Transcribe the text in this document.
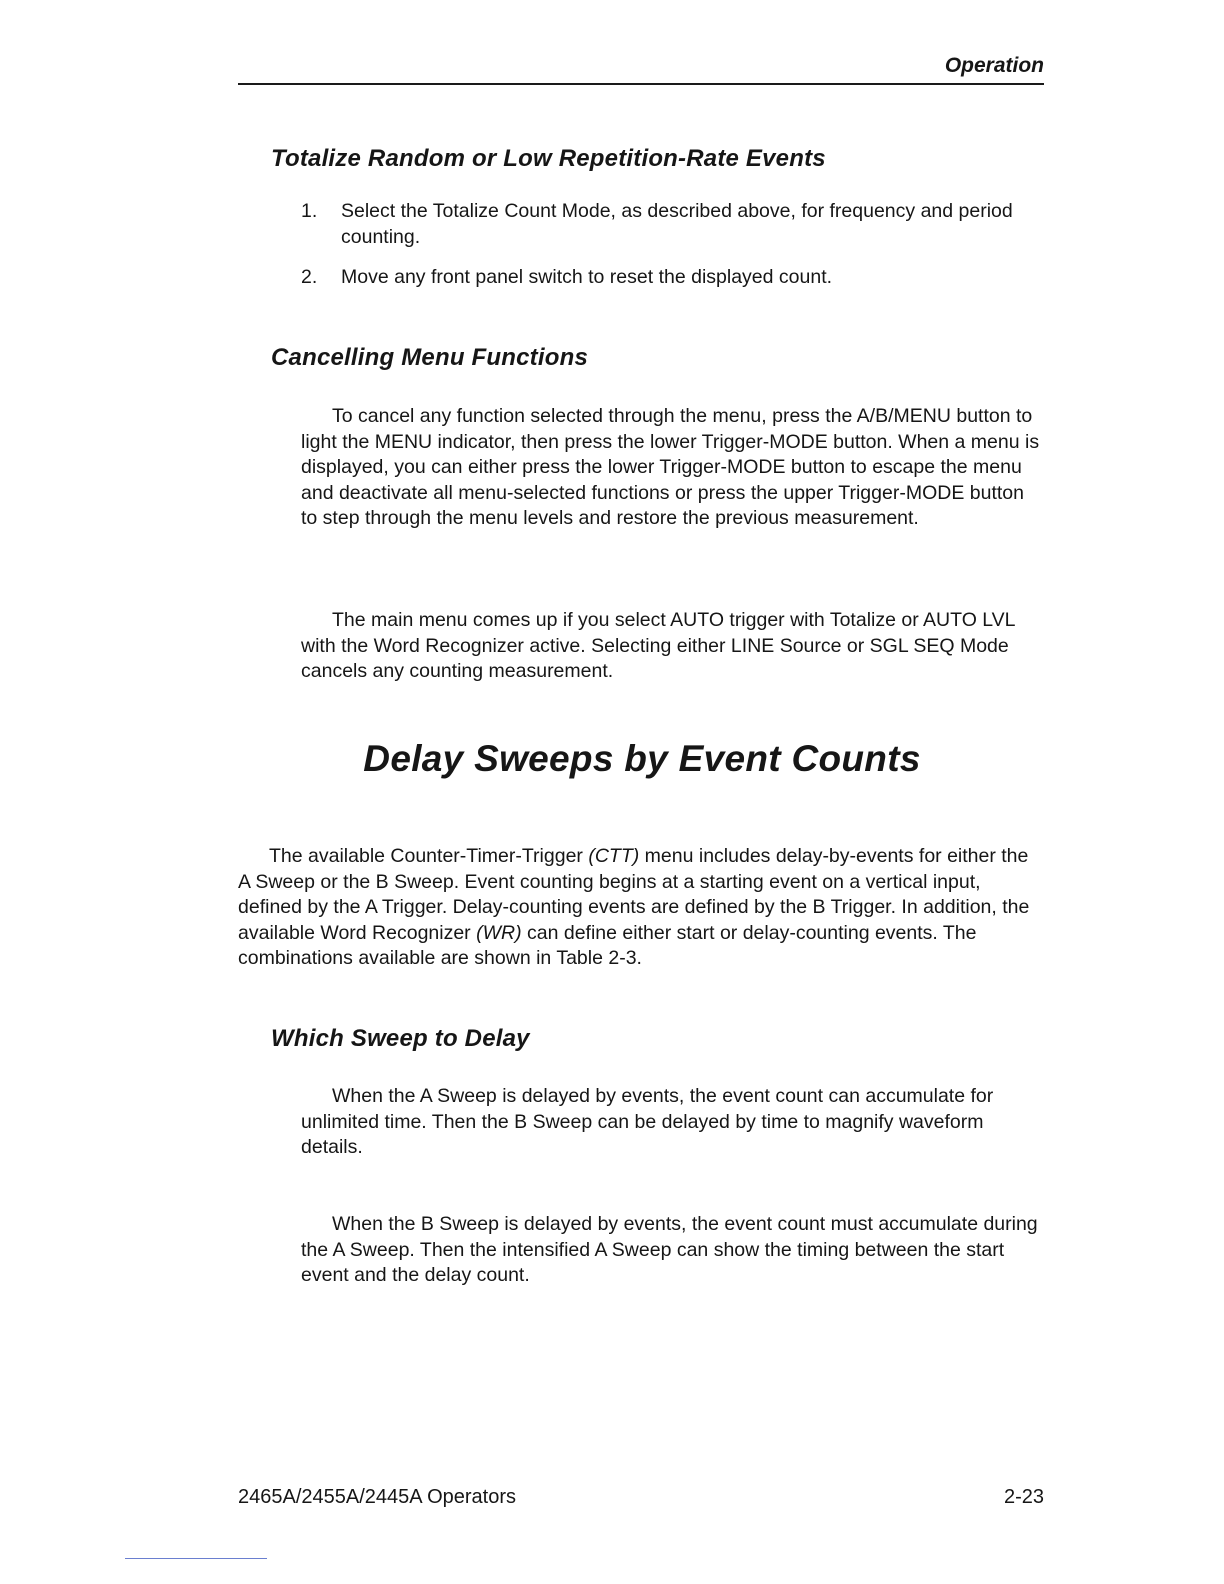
Operation
Totalize Random or Low Repetition-Rate Events
1.	Select the Totalize Count Mode, as described above, for frequency and period counting.
2.	Move any front panel switch to reset the displayed count.
Cancelling Menu Functions

To cancel any function selected through the menu, press the A/B/MENU button to light the MENU indicator, then press the lower Trigger-MODE button. When a menu is displayed, you can either press the lower Trigger-MODE button to escape the menu and deactivate all menu-selected functions or press the upper Trigger-MODE button to step through the menu levels and restore the previous measurement.

The main menu comes up if you select AUTO trigger with Totalize or AUTO LVL with the Word Recognizer active. Selecting either LINE Source or SGL SEQ Mode cancels any counting measurement.

Delay Sweeps by Event Counts

The available Counter-Timer-Trigger (CTT) menu includes delay-by-events for either the A Sweep or the B Sweep. Event counting begins at a starting event on a vertical input, defined by the A Trigger. Delay-counting events are defined by the B Trigger. In addition, the available Word Recognizer (WR) can define either start or delay-counting events. The combinations available are shown in Table 2-3.

Which Sweep to Delay

When the A Sweep is delayed by events, the event count can accumulate for unlimited time. Then the B Sweep can be delayed by time to magnify waveform details.

When the B Sweep is delayed by events, the event count must accumulate during the A Sweep. Then the intensified A Sweep can show the timing between the start event and the delay count.

2465A/2455A/2445A Operators	2-23
